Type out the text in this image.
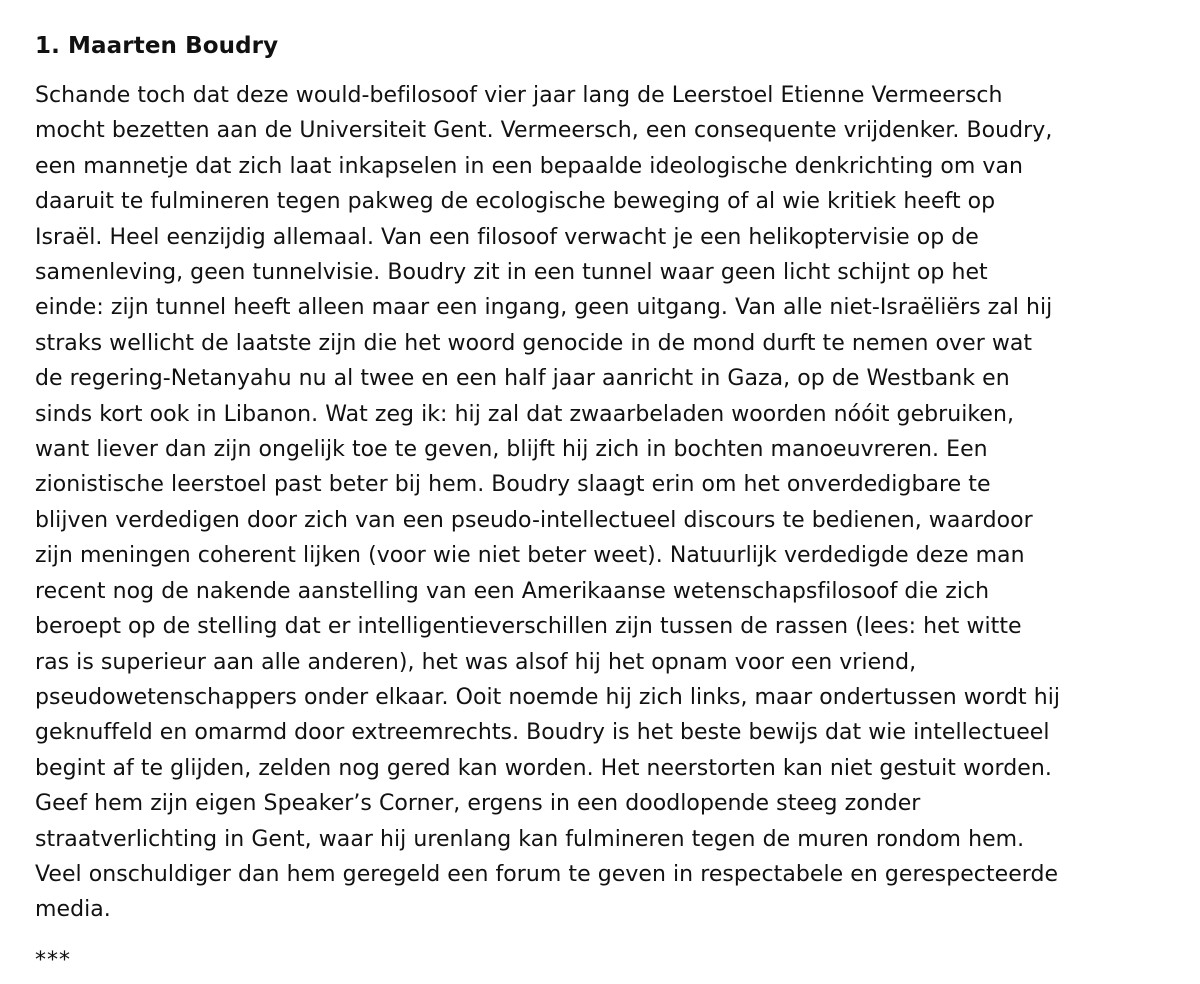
1. Maarten Boudry

Schande toch dat deze would-befilosoof vier jaar lang de Leerstoel Etienne Vermeersch
mocht bezetten aan de Universiteit Gent. Vermeersch, een consequente vrijdenker. Boudry,
een mannetje dat zich laat inkapselen in een bepaalde ideologische denkrichting om van
daaruit te fulmineren tegen pakweg de ecologische beweging of al wie kritiek heeft op
Israël. Heel eenzijdig allemaal. Van een filosoof verwacht je een helikoptervisie op de
samenleving, geen tunnelvisie. Boudry zit in een tunnel waar geen licht schijnt op het
einde: zijn tunnel heeft alleen maar een ingang, geen uitgang. Van alle niet-Israëliërs zal hij
straks wellicht de laatste zijn die het woord genocide in de mond durft te nemen over wat
de regering-Netanyahu nu al twee en een half jaar aanricht in Gaza, op de Westbank en
sinds kort ook in Libanon. Wat zeg ik: hij zal dat zwaarbeladen woorden nóóit gebruiken,
want liever dan zijn ongelijk toe te geven, blijft hij zich in bochten manoeuvreren. Een
zionistische leerstoel past beter bij hem. Boudry slaagt erin om het onverdedigbare te
blijven verdedigen door zich van een pseudo-intellectueel discours te bedienen, waardoor
zijn meningen coherent lijken (voor wie niet beter weet). Natuurlijk verdedigde deze man
recent nog de nakende aanstelling van een Amerikaanse wetenschapsfilosoof die zich
beroept op de stelling dat er intelligentieverschillen zijn tussen de rassen (lees: het witte
ras is superieur aan alle anderen), het was alsof hij het opnam voor een vriend,
pseudowetenschappers onder elkaar. Ooit noemde hij zich links, maar ondertussen wordt hij
geknuffeld en omarmd door extreemrechts. Boudry is het beste bewijs dat wie intellectueel
begint af te glijden, zelden nog gered kan worden. Het neerstorten kan niet gestuit worden.
Geef hem zijn eigen Speaker’s Corner, ergens in een doodlopende steeg zonder
straatverlichting in Gent, waar hij urenlang kan fulmineren tegen de muren rondom hem.
Veel onschuldiger dan hem geregeld een forum te geven in respectabele en gerespecteerde
media.

***
